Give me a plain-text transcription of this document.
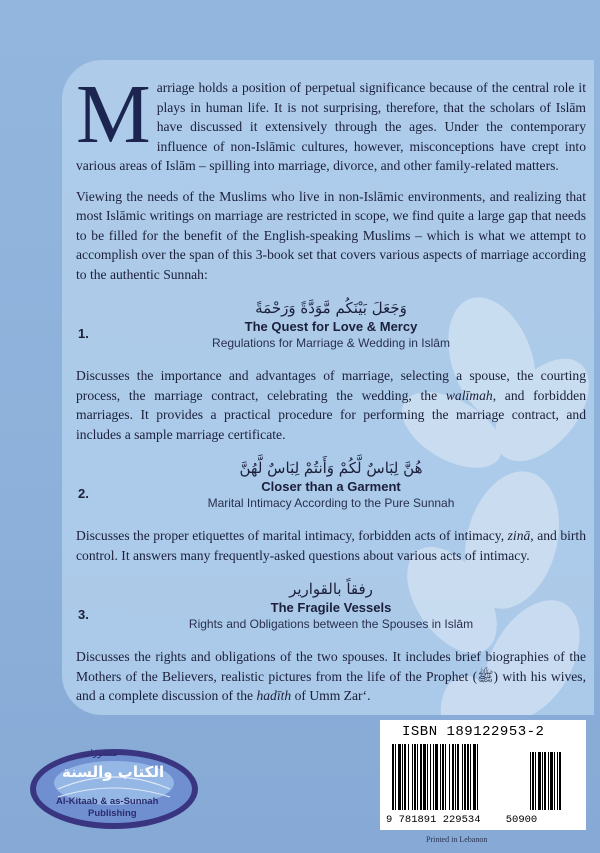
Marriage holds a position of perpetual significance because of the central role it plays in human life. It is not surprising, therefore, that the scholars of Islām have discussed it extensively through the ages. Under the contemporary influence of non-Islāmic cultures, however, misconceptions have crept into various areas of Islām – spilling into marriage, divorce, and other family-related matters.

Viewing the needs of the Muslims who live in non-Islāmic environments, and realizing that most Islāmic writings on marriage are restricted in scope, we find quite a large gap that needs to be filled for the benefit of the English-speaking Muslims – which is what we attempt to accomplish over the span of this 3-book set that covers various aspects of marriage according to the authentic Sunnah:

وَجَعَلَ بَيْنَكُم مَّوَدَّةً وَرَحْمَةً
1.	The Quest for Love & Mercy
Regulations for Marriage & Wedding in Islām

Discusses the importance and advantages of marriage, selecting a spouse, the courting process, the marriage contract, celebrating the wedding, the walīmah, and forbidden marriages. It provides a practical procedure for performing the marriage contract, and includes a sample marriage certificate.

هُنَّ لِبَاسٌ لَّكُمْ وَأَنتُمْ لِبَاسٌ لَّهُنَّ
2.	Closer than a Garment
Marital Intimacy According to the Pure Sunnah

Discusses the proper etiquettes of marital intimacy, forbidden acts of intimacy, zinā, and birth control. It answers many frequently-asked questions about various acts of intimacy.

رفقاً بالقوارير
3.	The Fragile Vessels
Rights and Obligations between the Spouses in Islām

Discusses the rights and obligations of the two spouses. It includes brief biographies of the Mothers of the Believers, realistic pictures from the life of the Prophet (ﷺ) with his wives, and a complete discussion of the hadīth of Umm Zar‘.

منشورات
الكتاب والسنة
Al-Kitaab & as-Sunnah
Publishing
ISBN 189122953-2
9 781891 229534    50900
Printed in Lebanon
